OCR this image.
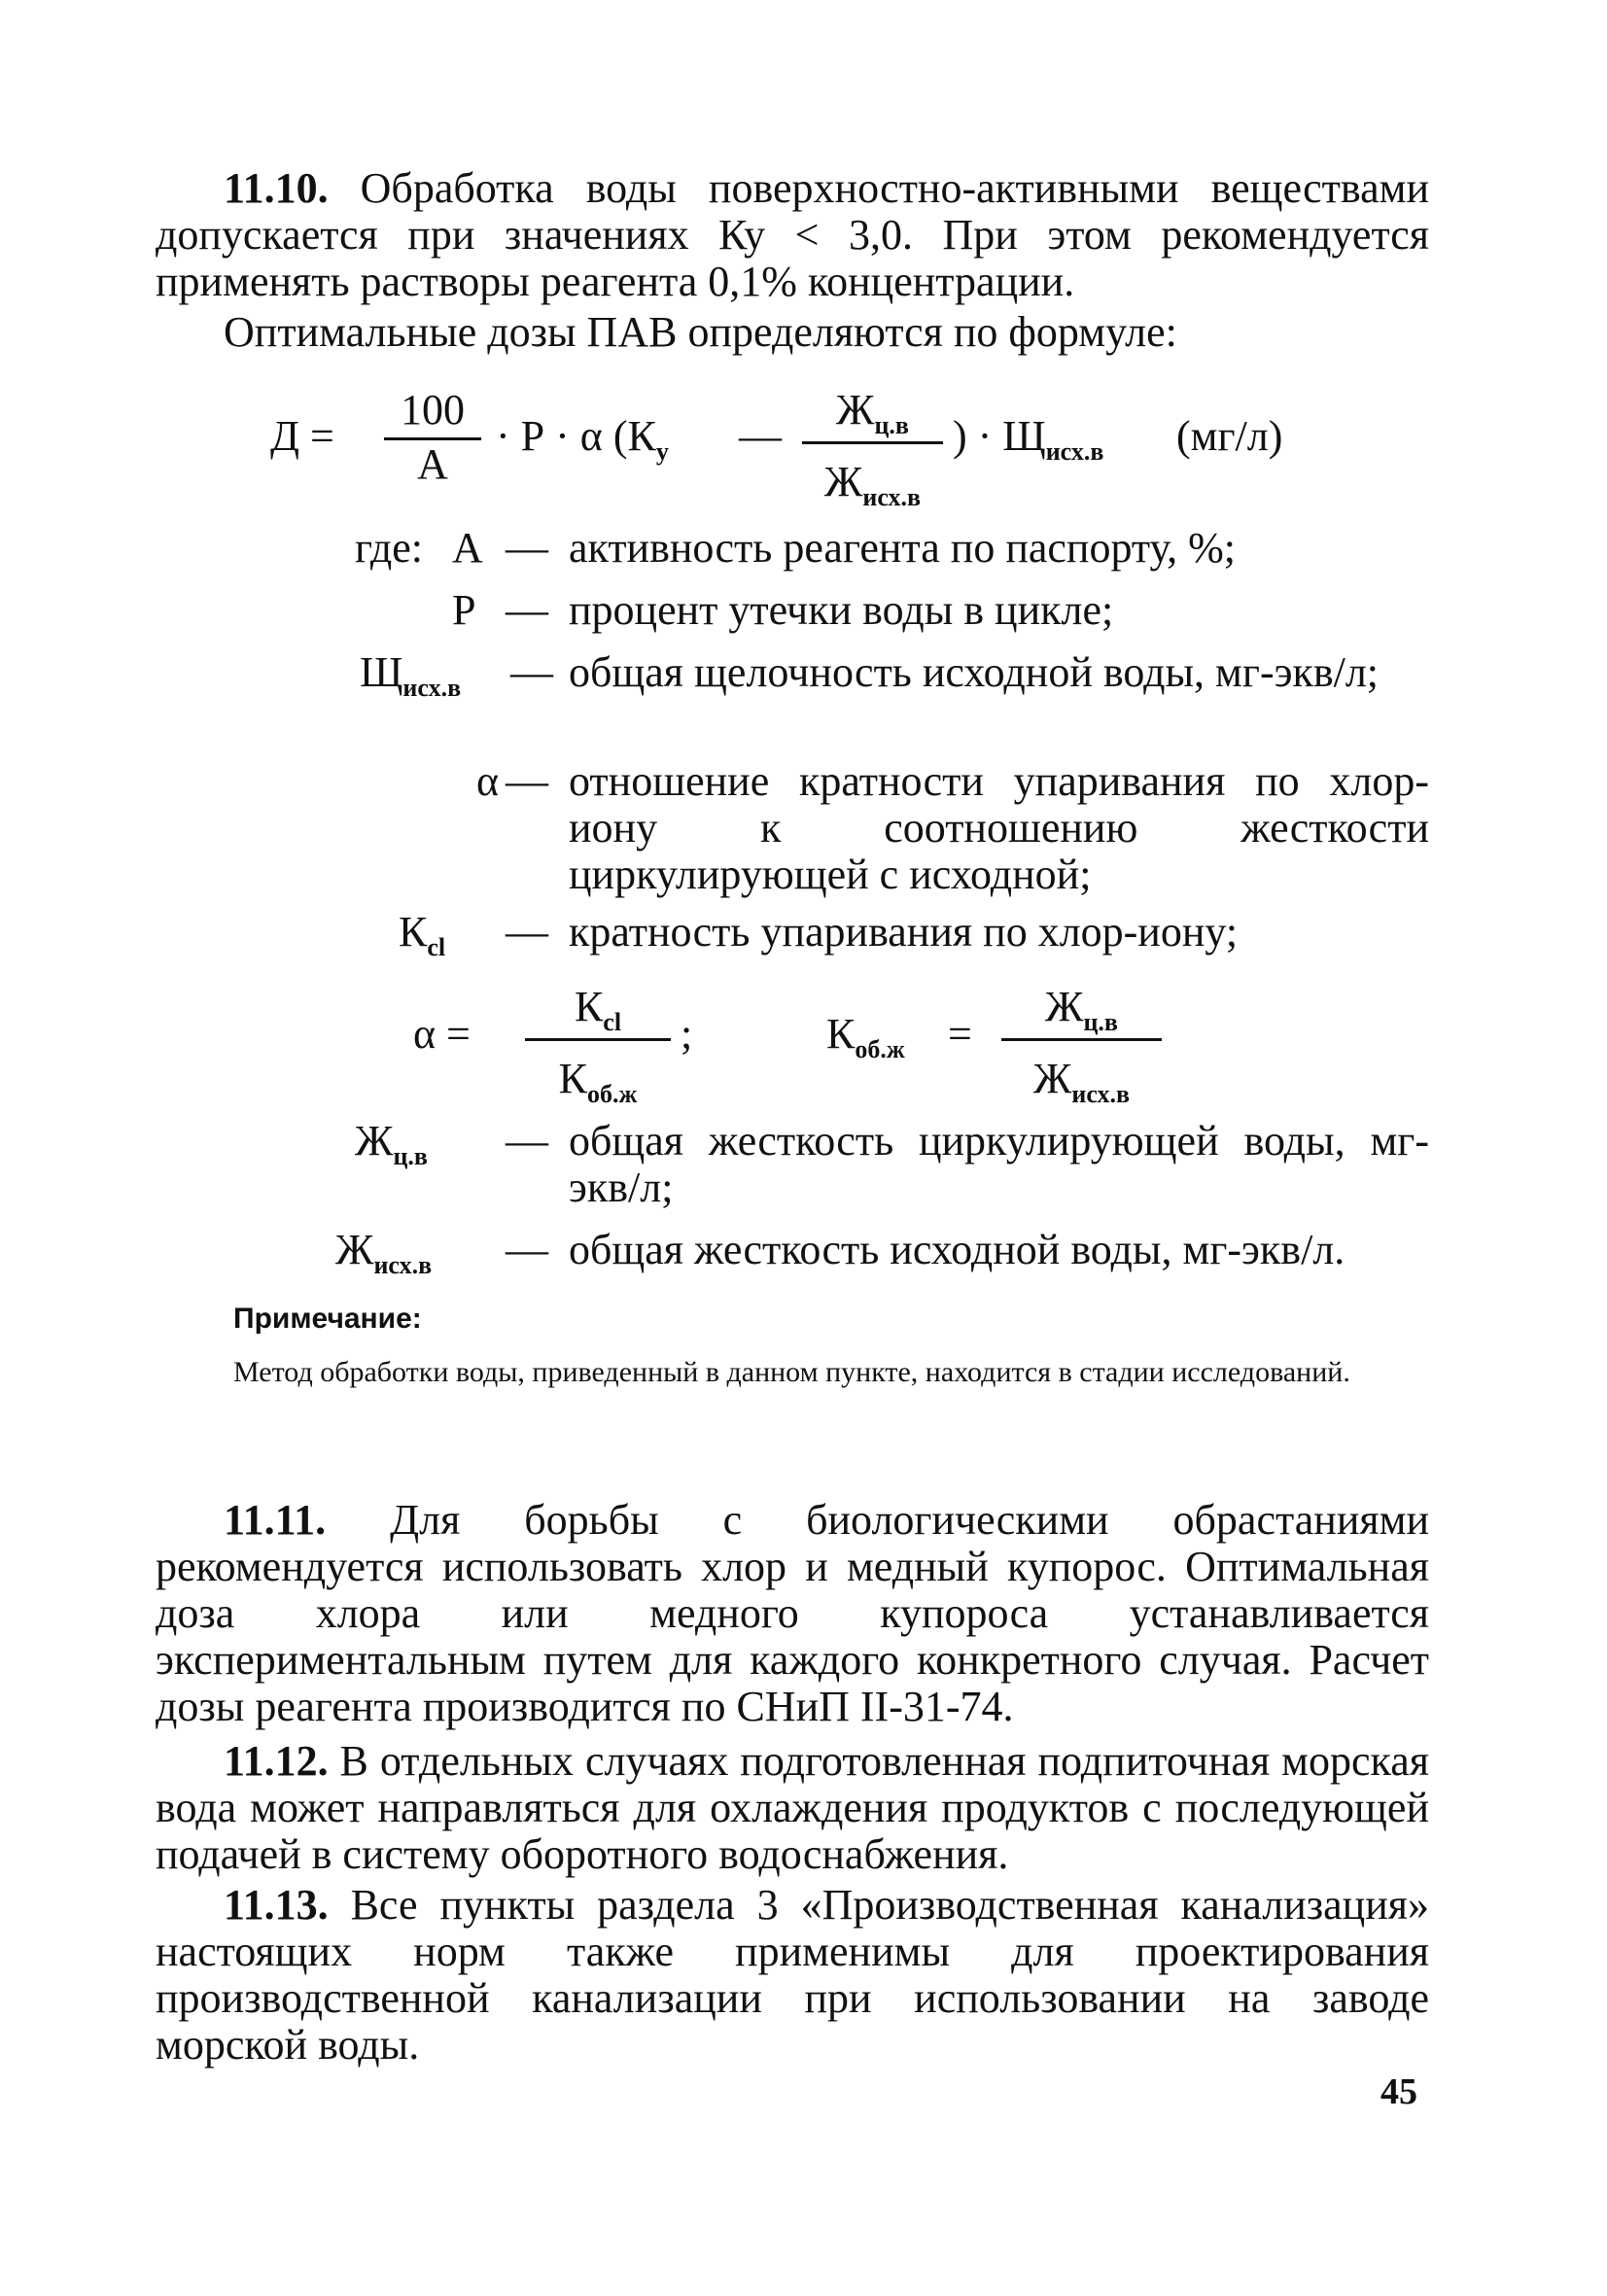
11.10. Обработка воды поверхностно-активными веществами допускается при значениях Ку < 3,0. При этом рекомендуется применять растворы реагента 0,1% концентрации.
Оптимальные дозы ПАВ определяются по формуле:
Д =
100
А
· Р · α ($К_у$ —
$Ж_{ц.в}$
$Ж_{исх.в}$
) · $Щ_{исх.в}$ (мг/л)
где: А — активность реагента по паспорту, %;
Р — процент утечки воды в цикле;
$Щ_{исх.в}$ — общая щелочность исходной воды, мг-экв/л;
α — отношение кратности упаривания по хлор-иону к соотношению жесткости циркулирующей с исходной;
$К_{cl}$ — кратность упаривания по хлор-иону;
α =
$К_{cl}$
$К_{об.ж}$
;	$К_{об.ж}$ =
$Ж_{ц.в}$
$Ж_{исх.в}$
$Ж_{ц.в}$ — общая жесткость циркулирующей воды, мг-экв/л;
$Ж_{исх.в}$ — общая жесткость исходной воды, мг-экв/л.
Примечание:
Метод обработки воды, приведенный в данном пункте, находится в стадии исследований.
11.11. Для борьбы с биологическими обрастаниями рекомендуется использовать хлор и медный купорос. Оптимальная доза хлора или медного купороса устанавливается экспериментальным путем для каждого конкретного случая. Расчет дозы реагента производится по СНиП II-31-74.
11.12. В отдельных случаях подготовленная подпиточная морская вода может направляться для охлаждения продуктов с последующей подачей в систему оборотного водоснабжения.
11.13. Все пункты раздела 3 «Производственная канализация» настоящих норм также применимы для проектирования производственной канализации при использовании на заводе морской воды.
45
